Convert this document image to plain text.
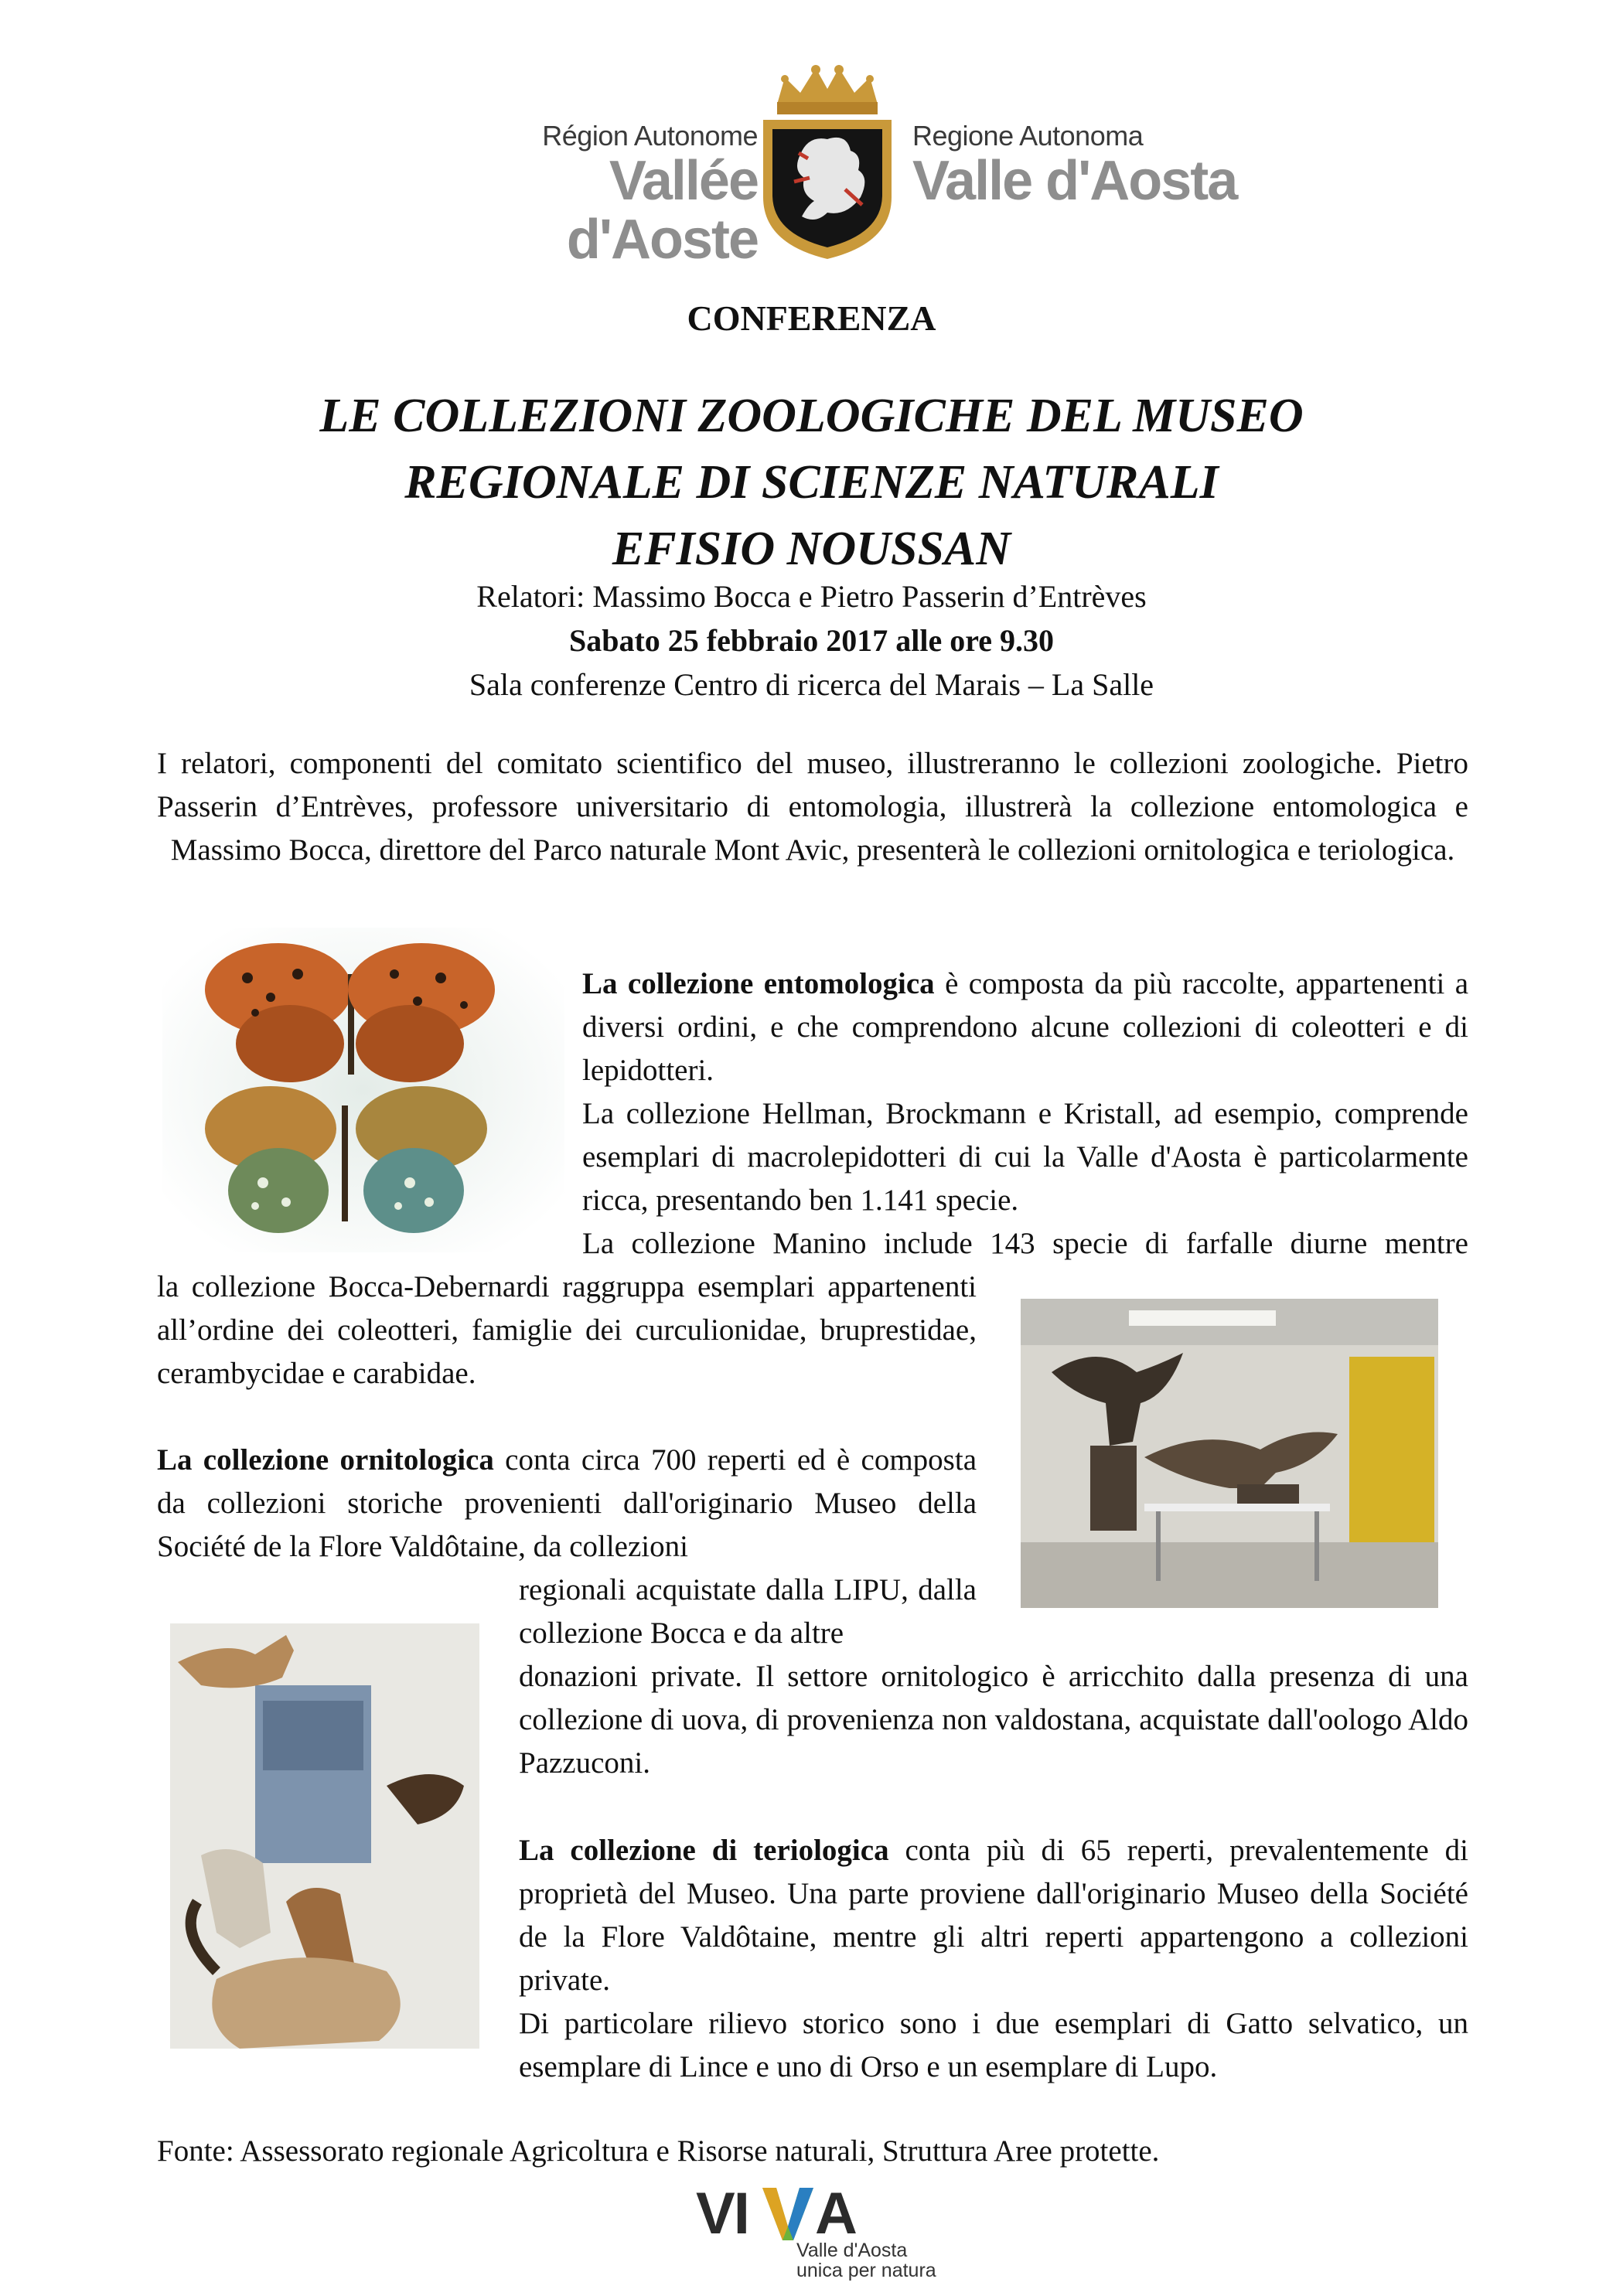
Région Autonome
Vallée d'Aoste
Regione Autonoma
Valle d'Aosta
CONFERENZA
LE COLLEZIONI ZOOLOGICHE DEL MUSEO
REGIONALE DI SCIENZE NATURALI
EFISIO NOUSSAN
Relatori: Massimo Bocca e Pietro Passerin d’Entrèves
Sabato 25 febbraio 2017 alle ore 9.30
Sala conferenze Centro di ricerca del Marais – La Salle
I relatori, componenti del comitato scientifico del museo, illustreranno le collezioni zoologiche. Pietro Passerin d’Entrèves, professore universitario di entomologia, illustrerà la collezione entomologica e Massimo Bocca, direttore del Parco naturale Mont Avic, presenterà le collezioni ornitologica e teriologica.
La collezione entomologica è composta da più raccolte, appartenenti a diversi ordini, e che comprendono alcune collezioni di coleotteri e di lepidotteri.
La collezione Hellman, Brockmann e Kristall, ad esempio, comprende esemplari di macrolepidotteri di cui la Valle d'Aosta è particolarmente ricca, presentando ben 1.141 specie.
La collezione Manino include 143 specie di farfalle diurne mentre
la collezione Bocca-Debernardi raggruppa esemplari appartenenti all’ordine dei coleotteri, famiglie dei curculionidae, bruprestidae, cerambycidae e carabidae.
La collezione ornitologica conta circa 700 reperti ed è composta da collezioni storiche provenienti dall'originario Museo della Société de la Flore Valdôtaine, da collezioni
regionali acquistate dalla LIPU, dalla collezione Bocca e da altre
donazioni private. Il settore ornitologico è arricchito dalla presenza di una collezione di uova, di provenienza non valdostana, acquistate dall'oologo Aldo Pazzuconi.
La collezione di teriologica conta più di 65 reperti, prevalentemente di proprietà del Museo. Una parte proviene dall'originario Museo della Société de la Flore Valdôtaine, mentre gli altri reperti appartengono a collezioni private.
Di particolare rilievo storico sono i due esemplari di Gatto selvatico, un esemplare di Lince e uno di Orso e un esemplare di Lupo.
Fonte: Assessorato regionale Agricoltura e Risorse naturali, Struttura Aree protette.
VI A
Valle d'Aosta
unica per natura
